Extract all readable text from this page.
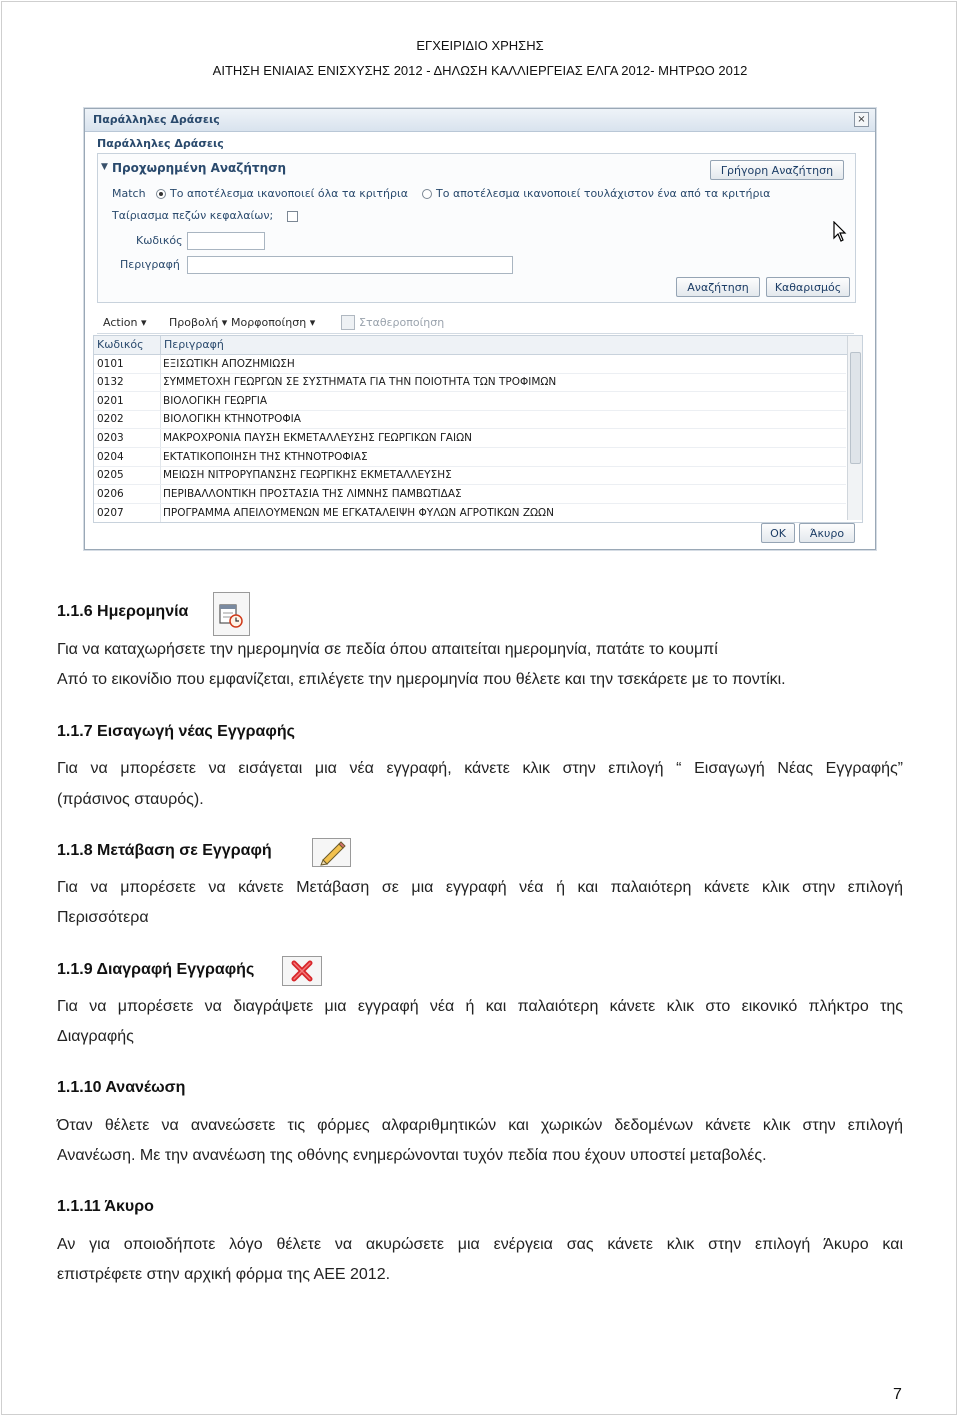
ΕΓΧΕΙΡΙΔΙΟ ΧΡΗΣΗΣ
ΑΙΤΗΣΗ ΕΝΙΑΙΑΣ ΕΝΙΣΧΥΣΗΣ 2012 - ΔΗΛΩΣΗ ΚΑΛΛΙΕΡΓΕΙΑΣ ΕΛΓΑ 2012- ΜΗΤΡΩΟ 2012
Παράλληλες Δράσεις	×
Παράλληλες Δράσεις
▼ Προχωρημένη Αναζήτηση	Γρήγορη Αναζήτηση
Match Το αποτέλεσμα ικανοποιεί όλα τα κριτήρια	Το αποτέλεσμα ικανοποιεί τουλάχιστον ένα από τα κριτήρια
Ταίριασμα πεζών κεφαλαίων;
Κωδικός
Περιγραφή
Αναζήτηση	Καθαρισμός
Action ▾ Προβολή ▾ Μορφοποίηση ▾	Σταθεροποίηση
Κωδικός	Περιγραφή
0101	ΕΞΙΣΩΤΙΚΗ ΑΠΟΖΗΜΙΩΣΗ
0132	ΣΥΜΜΕΤΟΧΗ ΓΕΩΡΓΩΝ ΣΕ ΣΥΣΤΗΜΑΤΑ ΓΙΑ ΤΗΝ ΠΟΙΟΤΗΤΑ ΤΩΝ ΤΡΟΦΙΜΩΝ
0201	ΒΙΟΛΟΓΙΚΗ ΓΕΩΡΓΙΑ
0202	ΒΙΟΛΟΓΙΚΗ ΚΤΗΝΟΤΡΟΦΙΑ
0203	ΜΑΚΡΟΧΡΟΝΙΑ ΠΑΥΣΗ ΕΚΜΕΤΑΛΛΕΥΣΗΣ ΓΕΩΡΓΙΚΩΝ ΓΑΙΩΝ
0204	ΕΚΤΑΤΙΚΟΠΟΙΗΣΗ ΤΗΣ ΚΤΗΝΟΤΡΟΦΙΑΣ
0205	ΜΕΙΩΣΗ ΝΙΤΡΟΡΥΠΑΝΣΗΣ ΓΕΩΡΓΙΚΗΣ ΕΚΜΕΤΑΛΛΕΥΣΗΣ
0206	ΠΕΡΙΒΑΛΛΟΝΤΙΚΗ ΠΡΟΣΤΑΣΙΑ ΤΗΣ ΛΙΜΝΗΣ ΠΑΜΒΩΤΙΔΑΣ
0207	ΠΡΟΓΡΑΜΜΑ ΑΠΕΙΛΟΥΜΕΝΩΝ ΜΕ ΕΓΚΑΤΑΛΕΙΨΗ ΦΥΛΩΝ ΑΓΡΟΤΙΚΩΝ ΖΩΩΝ
OK	Άκυρο
1.1.6 Ημερομηνία
Για να καταχωρήσετε την ημερομηνία σε πεδία όπου απαιτείται ημερομηνία, πατάτε το κουμπί
Από το εικονίδιο που εμφανίζεται, επιλέγετε την ημερομηνία που θέλετε και την τσεκάρετε με το ποντίκι.
1.1.7 Εισαγωγή νέας Εγγραφής
Για να μπορέσετε να εισάγεται μια νέα εγγραφή, κάνετε κλικ στην επιλογή “ Εισαγωγή Νέας Εγγραφής”
(πράσινος σταυρός).
1.1.8 Μετάβαση σε Εγγραφή
Για να μπορέσετε να κάνετε Μετάβαση σε μια εγγραφή νέα ή και παλαιότερη κάνετε κλικ στην επιλογή
Περισσότερα
1.1.9 Διαγραφή Εγγραφής
Για να μπορέσετε να διαγράψετε μια εγγραφή νέα ή και παλαιότερη κάνετε κλικ στο εικονικό πλήκτρο της
Διαγραφής
1.1.10 Ανανέωση
Όταν θέλετε να ανανεώσετε τις φόρμες αλφαριθμητικών και χωρικών δεδομένων κάνετε κλικ στην επιλογή
Ανανέωση. Με την ανανέωση της οθόνης ενημερώνονται τυχόν πεδία που έχουν υποστεί μεταβολές.
1.1.11 Άκυρο
Αν για οποιοδήποτε λόγο θέλετε να ακυρώσετε μια ενέργεια σας κάνετε κλικ στην επιλογή Άκυρο και
επιστρέφετε στην αρχική φόρμα της ΑΕΕ 2012.
7
